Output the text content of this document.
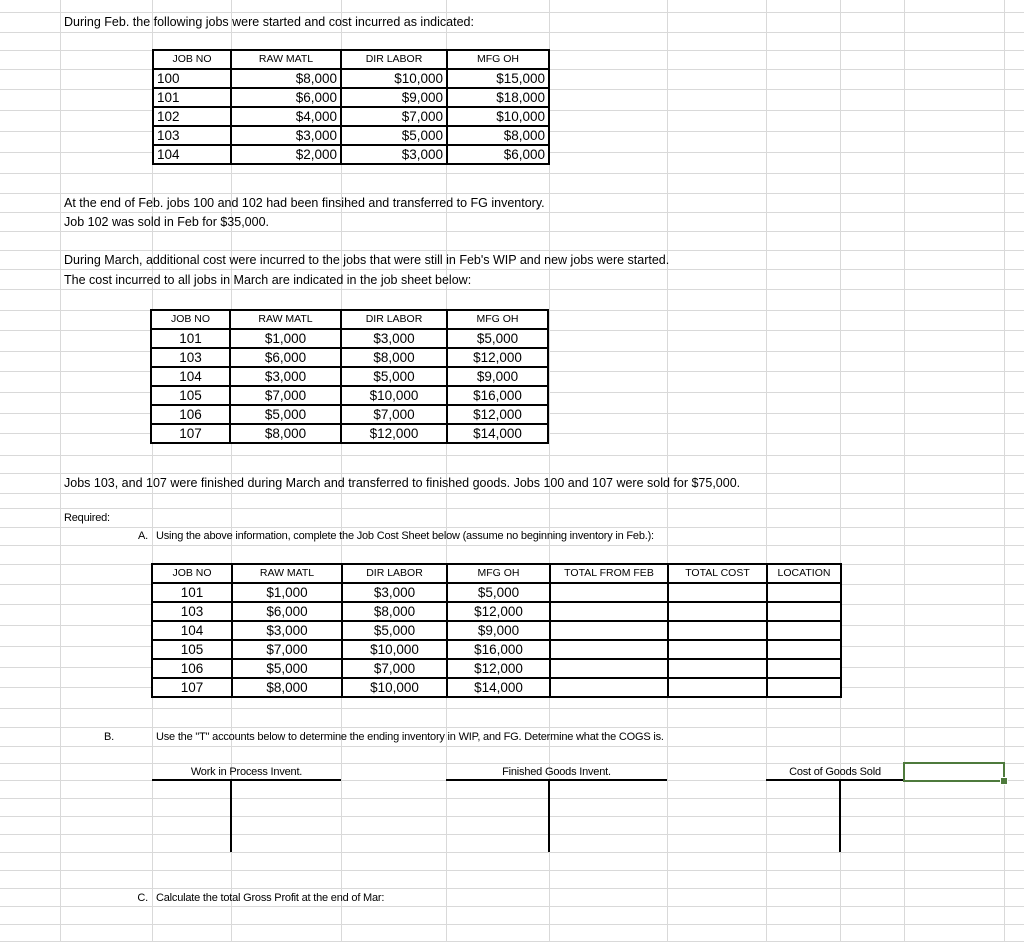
During Feb. the following jobs were started and cost incurred as indicated:
JOB NO	RAW MATL	DIR LABOR	MFG OH
100	$8,000	$10,000	$15,000
101	$6,000	$9,000	$18,000
102	$4,000	$7,000	$10,000
103	$3,000	$5,000	$8,000
104	$2,000	$3,000	$6,000
At the end of Feb. jobs 100 and 102 had been finsihed and transferred to FG inventory.
Job 102 was sold in Feb for $35,000.
During March, additional cost were incurred to the jobs that were still in Feb's WIP and new jobs were started.
The cost incurred to all jobs in March are indicated in the job sheet below:
JOB NO	RAW MATL	DIR LABOR	MFG OH
101	$1,000	$3,000	$5,000
103	$6,000	$8,000	$12,000
104	$3,000	$5,000	$9,000
105	$7,000	$10,000	$16,000
106	$5,000	$7,000	$12,000
107	$8,000	$12,000	$14,000
Jobs 103, and 107 were finished during March and transferred to finished goods. Jobs 100 and 107 were sold for $75,000.
Required:
A. Using the above information, complete the Job Cost Sheet below (assume no beginning inventory in Feb.):
JOB NO	RAW MATL	DIR LABOR	MFG OH	TOTAL FROM FEB	TOTAL COST	LOCATION
101	$1,000	$3,000	$5,000			
103	$6,000	$8,000	$12,000			
104	$3,000	$5,000	$9,000			
105	$7,000	$10,000	$16,000			
106	$5,000	$7,000	$12,000			
107	$8,000	$10,000	$14,000			
B.	Use the "T" accounts below to determine the ending inventory in WIP, and FG. Determine what the COGS is.
Work in Process Invent.	Finished Goods Invent.	Cost of Goods Sold
C. Calculate the total Gross Profit at the end of Mar:
